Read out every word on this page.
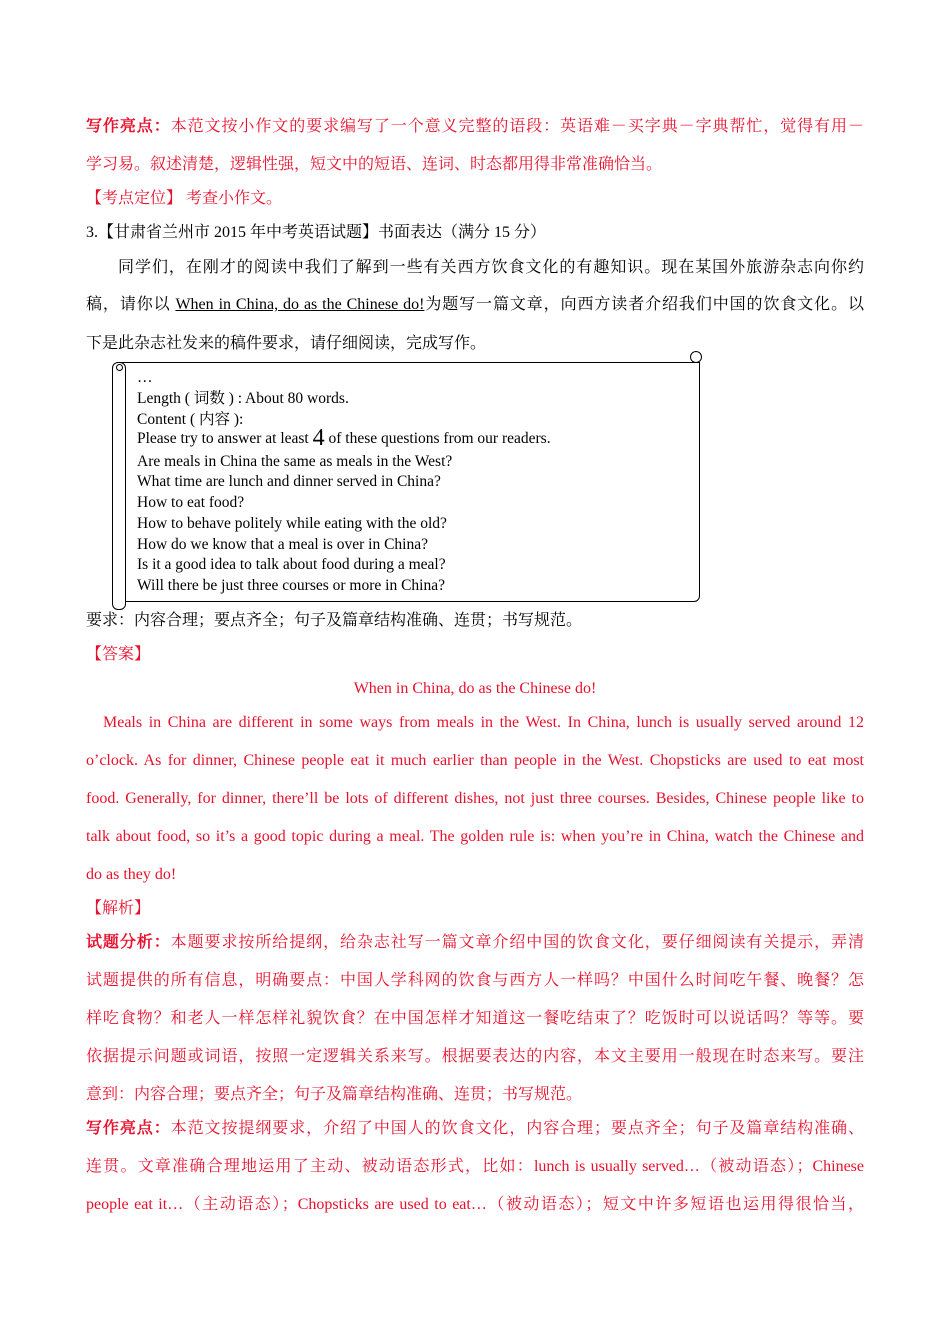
写作亮点：本范文按小作文的要求编写了一个意义完整的语段：英语难－买字典－字典帮忙，觉得有用－
学习易。叙述清楚，逻辑性强，短文中的短语、连词、时态都用得非常准确恰当。
【考点定位】 考查小作文。
3.【甘肃省兰州市 2015 年中考英语试题】书面表达（满分 15 分）
同学们，在刚才的阅读中我们了解到一些有关西方饮食文化的有趣知识。现在某国外旅游杂志向你约
稿，请你以 When in China, do as the Chinese do!为题写一篇文章，向西方读者介绍我们中国的饮食文化。以
下是此杂志社发来的稿件要求，请仔细阅读，完成写作。
…
Length ( 词数 ) : About 80 words.
Content ( 内容 ):
Please try to answer at least 4 of these questions from our readers.
Are meals in China the same as meals in the West?
What time are lunch and dinner served in China?
How to eat food?
How to behave politely while eating with the old?
How do we know that a meal is over in China?
Is it a good idea to talk about food during a meal?
Will there be just three courses or more in China?
要求：内容合理；要点齐全；句子及篇章结构准确、连贯；书写规范。
【答案】
When in China, do as the Chinese do!
Meals in China are different in some ways from meals in the West. In China, lunch is usually served around 12
o’clock. As for dinner, Chinese people eat it much earlier than people in the West. Chopsticks are used to eat most
food. Generally, for dinner, there’ll be lots of different dishes, not just three courses. Besides, Chinese people like to
talk about food, so it’s a good topic during a meal. The golden rule is: when you’re in China, watch the Chinese and
do as they do!
【解析】
试题分析：本题要求按所给提纲，给杂志社写一篇文章介绍中国的饮食文化，要仔细阅读有关提示，弄清
试题提供的所有信息，明确要点：中国人学科网的饮食与西方人一样吗？中国什么时间吃午餐、晚餐？怎
样吃食物？和老人一样怎样礼貌饮食？在中国怎样才知道这一餐吃结束了？吃饭时可以说话吗？等等。要
依据提示问题或词语，按照一定逻辑关系来写。根据要表达的内容，本文主要用一般现在时态来写。要注
意到：内容合理；要点齐全；句子及篇章结构准确、连贯；书写规范。
写作亮点：本范文按提纲要求，介绍了中国人的饮食文化，内容合理；要点齐全；句子及篇章结构准确、
连贯。文章准确合理地运用了主动、被动语态形式，比如：lunch is usually served…（被动语态）；Chinese
people eat it…（主动语态）；Chopsticks are used to eat…（被动语态）；短文中许多短语也运用得很恰当，
